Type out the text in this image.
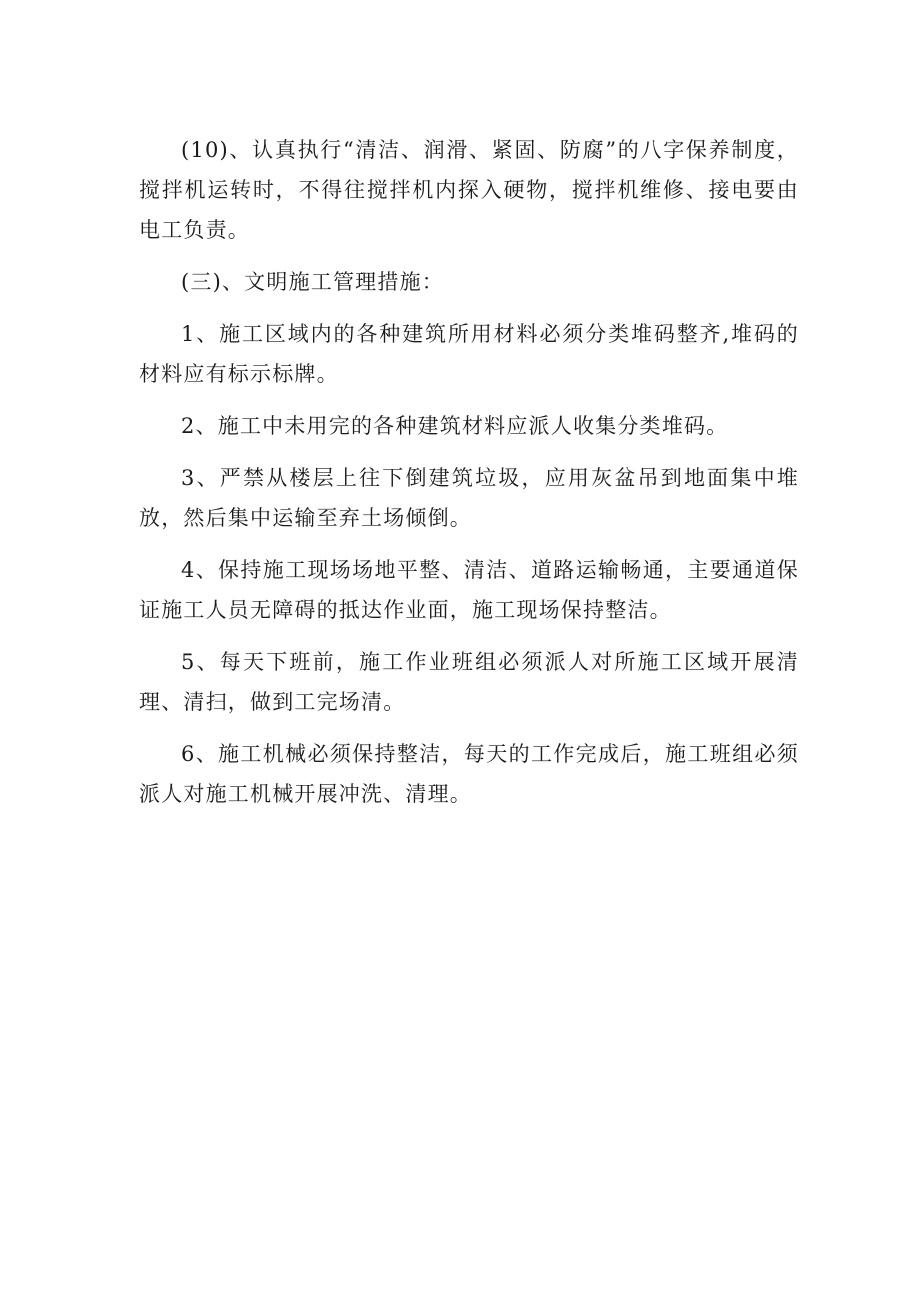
(10)、认真执行“清洁、润滑、紧固、防腐”的八字保养制度，搅拌机运转时，不得往搅拌机内探入硬物，搅拌机维修、接电要由电工负责。

(三)、文明施工管理措施：

1、施工区域内的各种建筑所用材料必须分类堆码整齐,堆码的材料应有标示标牌。

2、施工中未用完的各种建筑材料应派人收集分类堆码。

3、严禁从楼层上往下倒建筑垃圾，应用灰盆吊到地面集中堆放，然后集中运输至弃土场倾倒。

4、保持施工现场场地平整、清洁、道路运输畅通，主要通道保证施工人员无障碍的抵达作业面，施工现场保持整洁。

5、每天下班前，施工作业班组必须派人对所施工区域开展清理、清扫，做到工完场清。

6、施工机械必须保持整洁，每天的工作完成后，施工班组必须派人对施工机械开展冲洗、清理。
